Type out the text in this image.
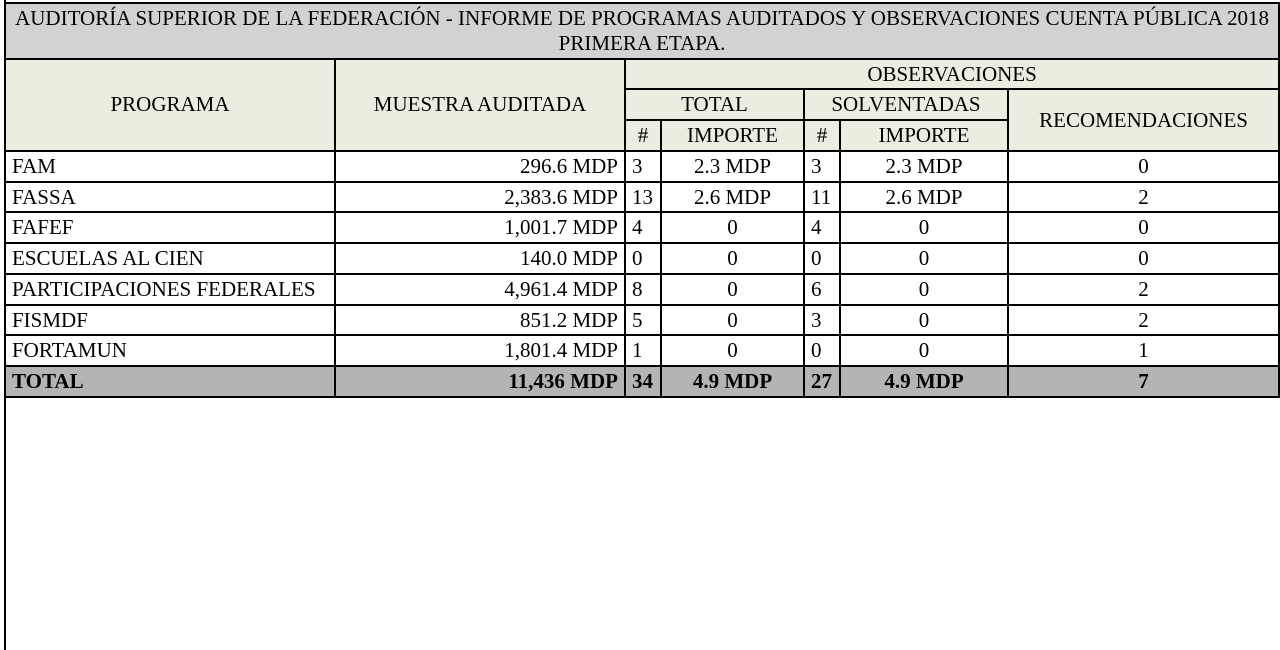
AUDITORÍA SUPERIOR DE LA FEDERACIÓN - INFORME DE PROGRAMAS AUDITADOS Y OBSERVACIONES CUENTA PÚBLICA 2018 PRIMERA ETAPA.						
PROGRAMA	MUESTRA AUDITADA	OBSERVACIONES				
		TOTAL		SOLVENTADAS		RECOMENDACIONES
		#	IMPORTE	#	IMPORTE	
FAM	296.6 MDP	3	2.3 MDP	3	2.3 MDP	0
FASSA	2,383.6 MDP	13	2.6 MDP	11	2.6 MDP	2
FAFEF	1,001.7 MDP	4	0	4	0	0
ESCUELAS AL CIEN	140.0 MDP	0	0	0	0	0
PARTICIPACIONES FEDERALES	4,961.4 MDP	8	0	6	0	2
FISMDF	851.2 MDP	5	0	3	0	2
FORTAMUN	1,801.4 MDP	1	0	0	0	1
TOTAL	11,436 MDP	34	4.9 MDP	27	4.9 MDP	7
